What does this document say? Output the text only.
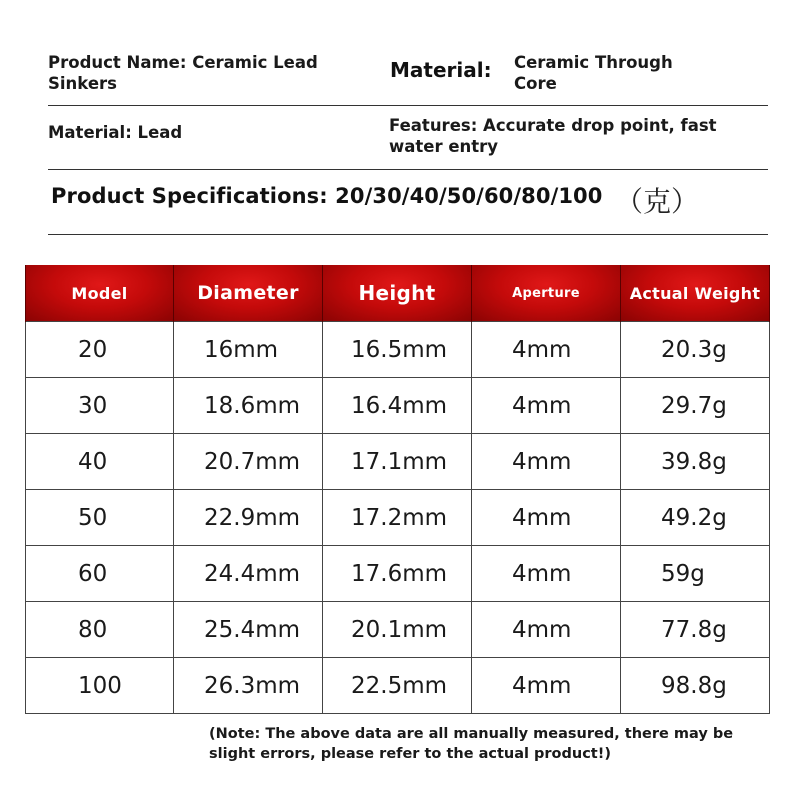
Product Name: Ceramic Lead Sinkers
Material: Ceramic Through Core
Material: Lead	Features: Accurate drop point, fast water entry
Product Specifications: 20/30/40/50/60/80/100 （克）
Model	Diameter	Height	Aperture	Actual Weight
20	16mm	16.5mm	4mm	20.3g
30	18.6mm	16.4mm	4mm	29.7g
40	20.7mm	17.1mm	4mm	39.8g
50	22.9mm	17.2mm	4mm	49.2g
60	24.4mm	17.6mm	4mm	59g
80	25.4mm	20.1mm	4mm	77.8g
100	26.3mm	22.5mm	4mm	98.8g
(Note: The above data are all manually measured, there may be slight errors, please refer to the actual product!)
